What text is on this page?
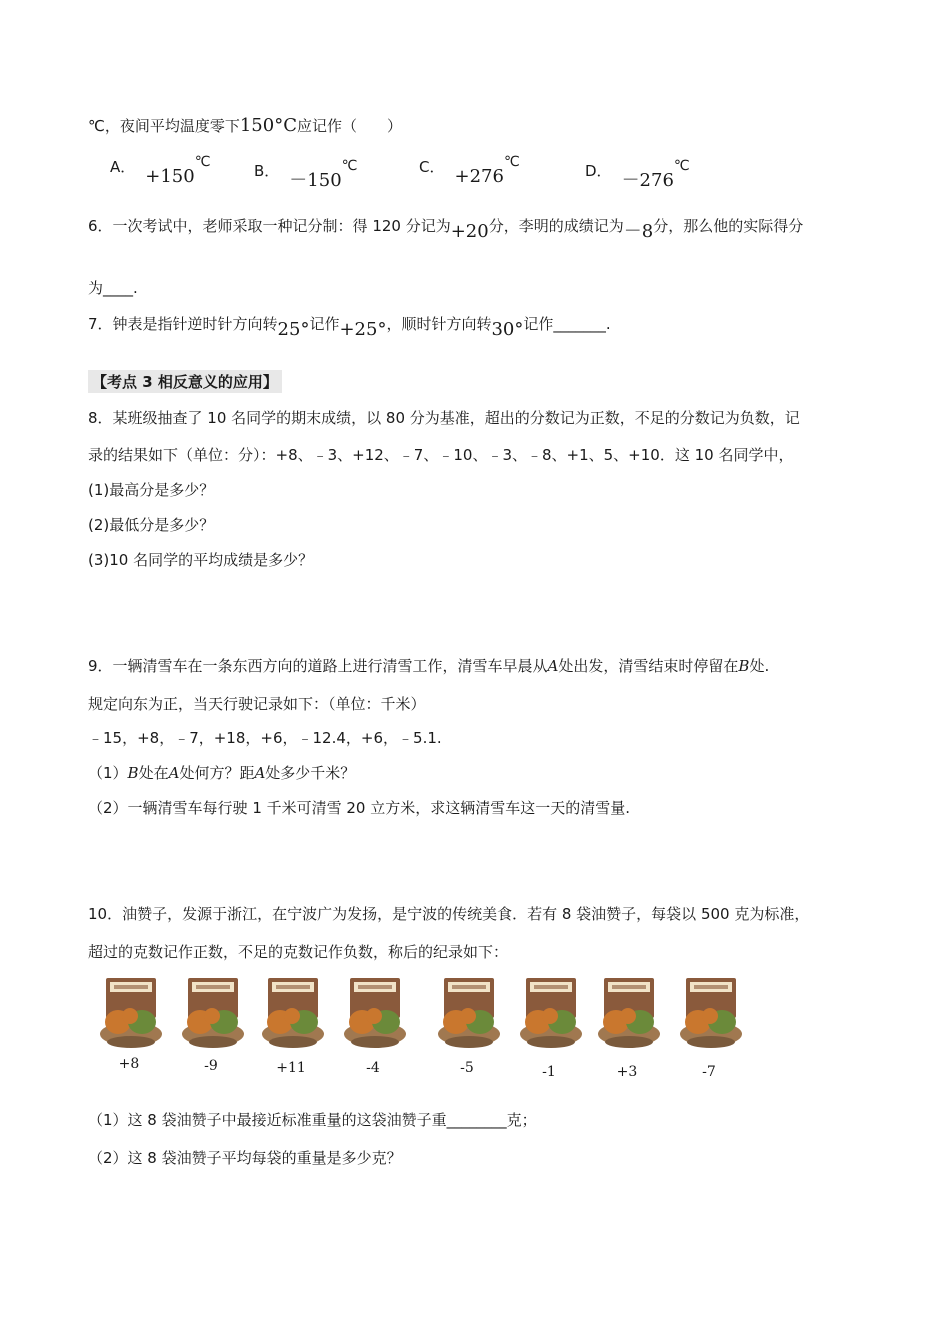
℃，夜间平均温度零下150°C应记作（　　）
A． +150℃	B． －150℃	C． +276℃	D． －276℃
6．一次考试中，老师采取一种记分制：得 120 分记为+20分，李明的成绩记为－8分，那么他的实际得分
为____.
7．钟表是指针逆时针方向转25°记作+25°，顺时针方向转30°记作_______.
【考点 3 相反意义的应用】
8．某班级抽查了 10 名同学的期末成绩，以 80 分为基准，超出的分数记为正数，不足的分数记为负数，记
录的结果如下（单位：分）：+8、﹣3、+12、﹣7、﹣10、﹣3、﹣8、+1、5、+10．这 10 名同学中，
(1)最高分是多少？
(2)最低分是多少？
(3)10 名同学的平均成绩是多少？
9．一辆清雪车在一条东西方向的道路上进行清雪工作，清雪车早晨从A处出发，清雪结束时停留在B处.
规定向东为正，当天行驶记录如下：（单位：千米）
﹣15，+8，﹣7，+18，+6，﹣12.4，+6，﹣5.1.
（1）B处在A处何方？距A处多少千米？
（2）一辆清雪车每行驶 1 千米可清雪 20 立方米，求这辆清雪车这一天的清雪量.
10．油赞子，发源于浙江，在宁波广为发扬，是宁波的传统美食．若有 8 袋油赞子，每袋以 500 克为标准，
超过的克数记作正数，不足的克数记作负数，称后的纪录如下：
+8	-9	+11	-4	-5	-1	+3	-7
（1）这 8 袋油赞子中最接近标准重量的这袋油赞子重________克；
（2）这 8 袋油赞子平均每袋的重量是多少克？
